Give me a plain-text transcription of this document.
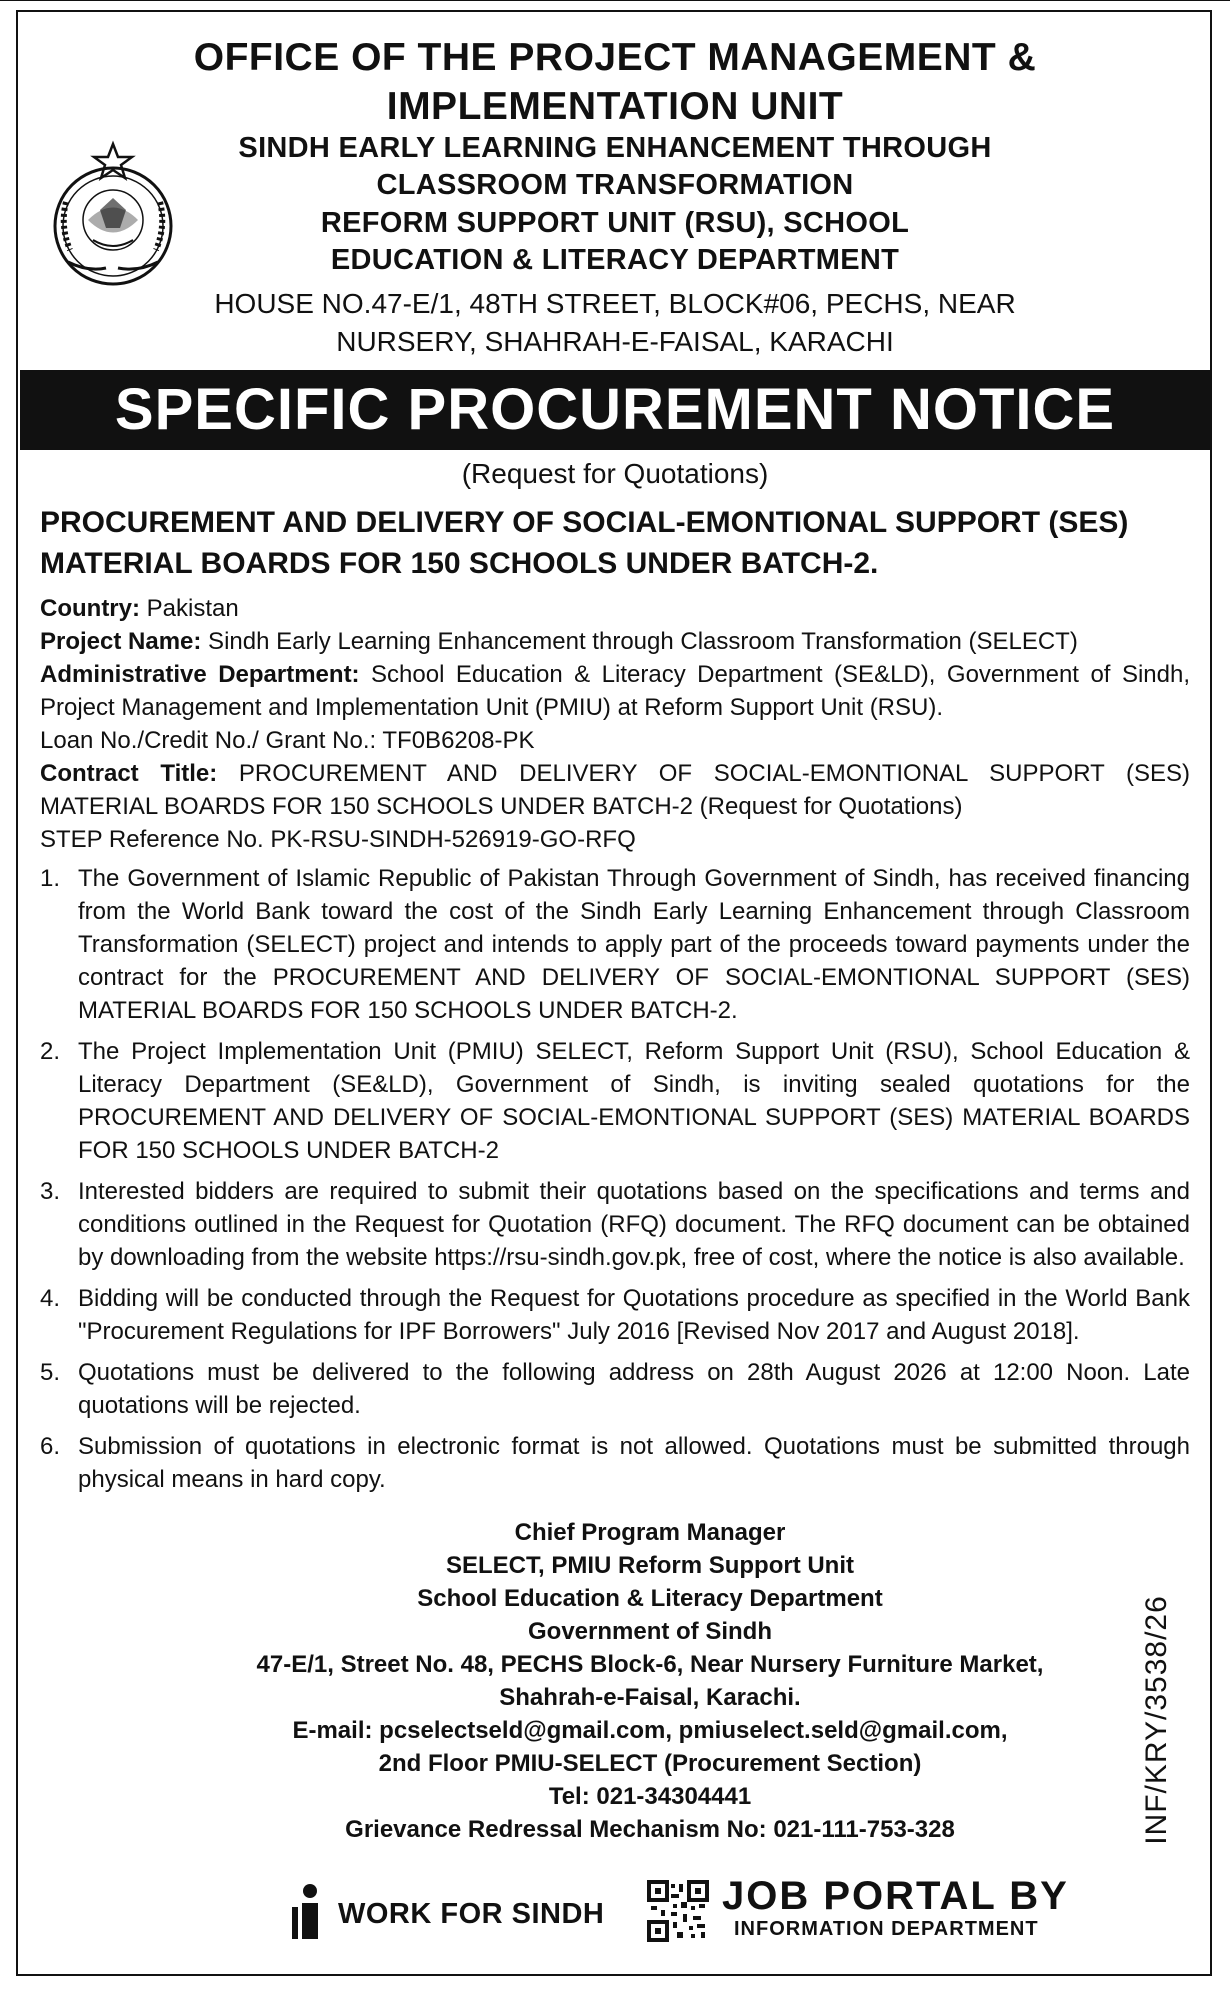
OFFICE OF THE PROJECT MANAGEMENT &
IMPLEMENTATION UNIT
SINDH EARLY LEARNING ENHANCEMENT THROUGH
CLASSROOM TRANSFORMATION
REFORM SUPPORT UNIT (RSU), SCHOOL
EDUCATION & LITERACY DEPARTMENT
HOUSE NO.47-E/1, 48TH STREET, BLOCK#06, PECHS, NEAR
NURSERY, SHAHRAH-E-FAISAL, KARACHI
SPECIFIC PROCUREMENT NOTICE
(Request for Quotations)
PROCUREMENT AND DELIVERY OF SOCIAL-EMONTIONAL SUPPORT (SES) MATERIAL BOARDS FOR 150 SCHOOLS UNDER BATCH-2.

Country: Pakistan

Project Name: Sindh Early Learning Enhancement through Classroom Transformation (SELECT)

Administrative Department: School Education & Literacy Department (SE&LD), Government of Sindh, Project Management and Implementation Unit (PMIU) at Reform Support Unit (RSU).

Loan No./Credit No./ Grant No.: TF0B6208-PK

Contract Title: PROCUREMENT AND DELIVERY OF SOCIAL-EMONTIONAL SUPPORT (SES) MATERIAL BOARDS FOR 150 SCHOOLS UNDER BATCH-2 (Request for Quotations)

STEP Reference No. PK-RSU-SINDH-526919-GO-RFQ

1. The Government of Islamic Republic of Pakistan Through Government of Sindh, has received financing from the World Bank toward the cost of the Sindh Early Learning Enhancement through Classroom Transformation (SELECT) project and intends to apply part of the proceeds toward payments under the contract for the PROCUREMENT AND DELIVERY OF SOCIAL-EMONTIONAL SUPPORT (SES) MATERIAL BOARDS FOR 150 SCHOOLS UNDER BATCH-2.
2. The Project Implementation Unit (PMIU) SELECT, Reform Support Unit (RSU), School Education & Literacy Department (SE&LD), Government of Sindh, is inviting sealed quotations for the PROCUREMENT AND DELIVERY OF SOCIAL-EMONTIONAL SUPPORT (SES) MATERIAL BOARDS FOR 150 SCHOOLS UNDER BATCH-2
3. Interested bidders are required to submit their quotations based on the specifications and terms and conditions outlined in the Request for Quotation (RFQ) document. The RFQ document can be obtained by downloading from the website https://rsu-sindh.gov.pk, free of cost, where the notice is also available.
4. Bidding will be conducted through the Request for Quotations procedure as specified in the World Bank "Procurement Regulations for IPF Borrowers" July 2016 [Revised Nov 2017 and August 2018].
5. Quotations must be delivered to the following address on 28th August 2026 at 12:00 Noon. Late quotations will be rejected.
6. Submission of quotations in electronic format is not allowed. Quotations must be submitted through physical means in hard copy.
Chief Program Manager
SELECT, PMIU Reform Support Unit
School Education & Literacy Department
Government of Sindh
47-E/1, Street No. 48, PECHS Block-6, Near Nursery Furniture Market,
Shahrah-e-Faisal, Karachi.
E-mail: pcselectseld@gmail.com, pmiuselect.seld@gmail.com,
2nd Floor PMIU-SELECT (Procurement Section)
Tel: 021-34304441
Grievance Redressal Mechanism No: 021-111-753-328	INF/KRY/3538/26
WORK FOR SINDH	JOB PORTAL BY
INFORMATION DEPARTMENT
